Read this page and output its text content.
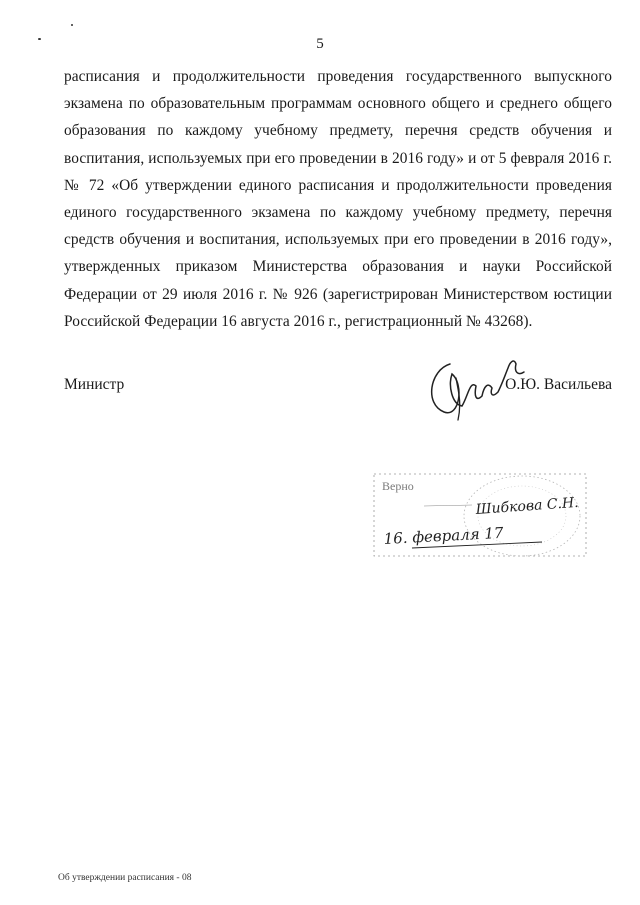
5

расписания и продолжительности проведения государственного выпускного экзамена по образовательным программам основного общего и среднего общего образования по каждому учебному предмету, перечня средств обучения и воспитания, используемых при его проведении в 2016 году» и от 5 февраля 2016 г. № 72 «Об утверждении единого расписания и продолжительности проведения единого государственного экзамена по каждому учебному предмету, перечня средств обучения и воспитания, используемых при его проведении в 2016 году», утвержденных приказом Министерства образования и науки Российской Федерации от 29 июля 2016 г. № 926 (зарегистрирован Министерством юстиции Российской Федерации 16 августа 2016 г., регистрационный № 43268).

Министр	О.Ю. Васильева
Верно
Шибкова С.Н.
16. февраля 17
Об утверждении расписания - 08
